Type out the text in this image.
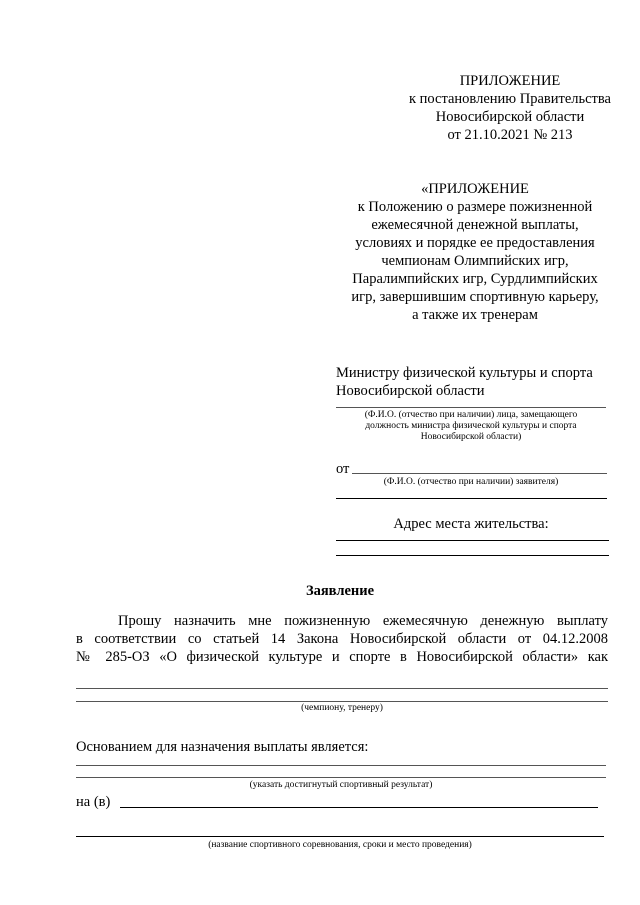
ПРИЛОЖЕНИЕ
к постановлению Правительства
Новосибирской области
от 21.10.2021 № 213
«ПРИЛОЖЕНИЕ
к Положению о размере пожизненной
ежемесячной денежной выплаты,
условиях и порядке ее предоставления
чемпионам Олимпийских игр,
Паралимпийских игр, Сурдлимпийских
игр, завершившим спортивную карьеру,
а также их тренерам
Министру физической культуры и спорта
Новосибирской области
(Ф.И.О. (отчество при наличии) лица, замещающего
должность министра физической культуры и спорта
Новосибирской области)
от
(Ф.И.О. (отчество при наличии) заявителя)
Адрес места жительства:
Заявление
Прошу назначить мне пожизненную ежемесячную денежную выплату
в соответствии со статьей 14 Закона Новосибирской области от 04.12.2008
№ 285-ОЗ «О физической культуре и спорте в Новосибирской области» как
(чемпиону, тренеру)
Основанием для назначения выплаты является:
(указать достигнутый спортивный результат)
на (в)
(название спортивного соревнования, сроки и место проведения)
